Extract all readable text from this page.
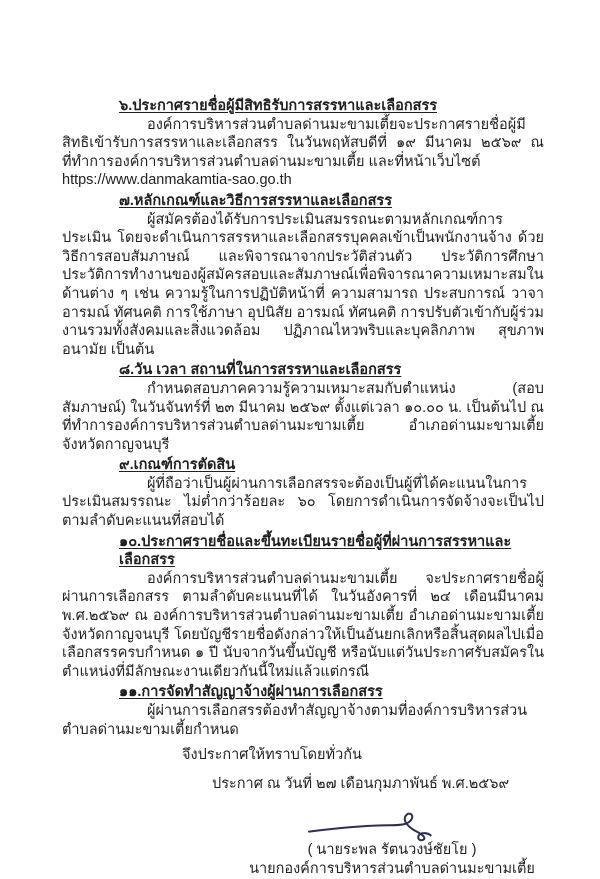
๖.ประกาศรายชื่อผู้มีสิทธิรับการสรรหาและเลือกสรร

องค์การบริหารส่วนตำบลด่านมะขามเตี้ยจะประกาศรายชื่อผู้มีสิทธิเข้ารับการสรรหาและเลือกสรร ในวันพฤหัสบดีที่ ๑๙ มีนาคม ๒๕๖๙ ณ ที่ทำการองค์การบริหารส่วนตำบลด่านมะขามเตี้ย และที่หน้าเว็บไซต์

https://www.danmakamtia-sao.go.th

๗.หลักเกณฑ์และวิธีการสรรหาและเลือกสรร

ผู้สมัครต้องได้รับการประเมินสมรรถนะตามหลักเกณฑ์การประเมิน โดยจะดำเนินการสรรหาและเลือกสรรบุคคลเข้าเป็นพนักงานจ้าง ด้วยวิธีการสอบสัมภาษณ์ และพิจารณาจากประวัติส่วนตัว ประวัติการศึกษา ประวัติการทำงานของผู้สมัครสอบและสัมภาษณ์เพื่อพิจารณาความเหมาะสมในด้านต่าง ๆ เช่น ความรู้ในการปฏิบัติหน้าที่ ความสามารถ ประสบการณ์ วาจา อารมณ์ ทัศนคติ การใช้ภาษา อุปนิสัย อารมณ์ ทัศนคติ การปรับตัวเข้ากับผู้ร่วมงานรวมทั้งสังคมและสิ่งแวดล้อม ปฏิภาณไหวพริบและบุคลิกภาพ สุขภาพอนามัย เป็นต้น

๘.วัน เวลา สถานที่ในการสรรหาและเลือกสรร

กำหนดสอบภาคความรู้ความเหมาะสมกับตำแหน่ง (สอบสัมภาษณ์) ในวันจันทร์ที่ ๒๓ มีนาคม ๒๕๖๙ ตั้งแต่เวลา ๑๐.๐๐ น. เป็นต้นไป ณ ที่ทำการองค์การบริหารส่วนตำบลด่านมะขามเตี้ย อำเภอด่านมะขามเตี้ย จังหวัดกาญจนบุรี

๙.เกณฑ์การตัดสิน

ผู้ที่ถือว่าเป็นผู้ผ่านการเลือกสรรจะต้องเป็นผู้ที่ได้คะแนนในการประเมินสมรรถนะ ไม่ต่ำกว่าร้อยละ ๖๐ โดยการดำเนินการจัดจ้างจะเป็นไปตามลำดับคะแนนที่สอบได้

๑๐.ประกาศรายชื่อและขึ้นทะเบียนรายชื่อผู้ที่ผ่านการสรรหาและเลือกสรร

องค์การบริหารส่วนตำบลด่านมะขามเตี้ย จะประกาศรายชื่อผู้ผ่านการเลือกสรร ตามลำดับคะแนนที่ได้ ในวันอังคารที่ ๒๔ เดือนมีนาคม พ.ศ.๒๕๖๙ ณ องค์การบริหารส่วนตำบลด่านมะขามเตี้ย อำเภอด่านมะขามเตี้ย จังหวัดกาญจนบุรี โดยบัญชีรายชื่อดังกล่าวให้เป็นอันยกเลิกหรือสิ้นสุดผลไปเมื่อเลือกสรรครบกำหนด ๑ ปี นับจากวันขึ้นบัญชี หรือนับแต่วันประกาศรับสมัครในตำแหน่งที่มีลักษณะงานเดียวกันนี้ใหม่แล้วแต่กรณี

๑๑.การจัดทำสัญญาจ้างผู้ผ่านการเลือกสรร

ผู้ผ่านการเลือกสรรต้องทำสัญญาจ้างตามที่องค์การบริหารส่วนตำบลด่านมะขามเตี้ยกำหนด

จึงประกาศให้ทราบโดยทั่วกัน

ประกาศ ณ วันที่ ๒๗ เดือนกุมภาพันธ์ พ.ศ.๒๕๖๙

( นายระพล รัตนวงษ์ชัยโย )

นายกองค์การบริหารส่วนตำบลด่านมะขามเตี้ย
